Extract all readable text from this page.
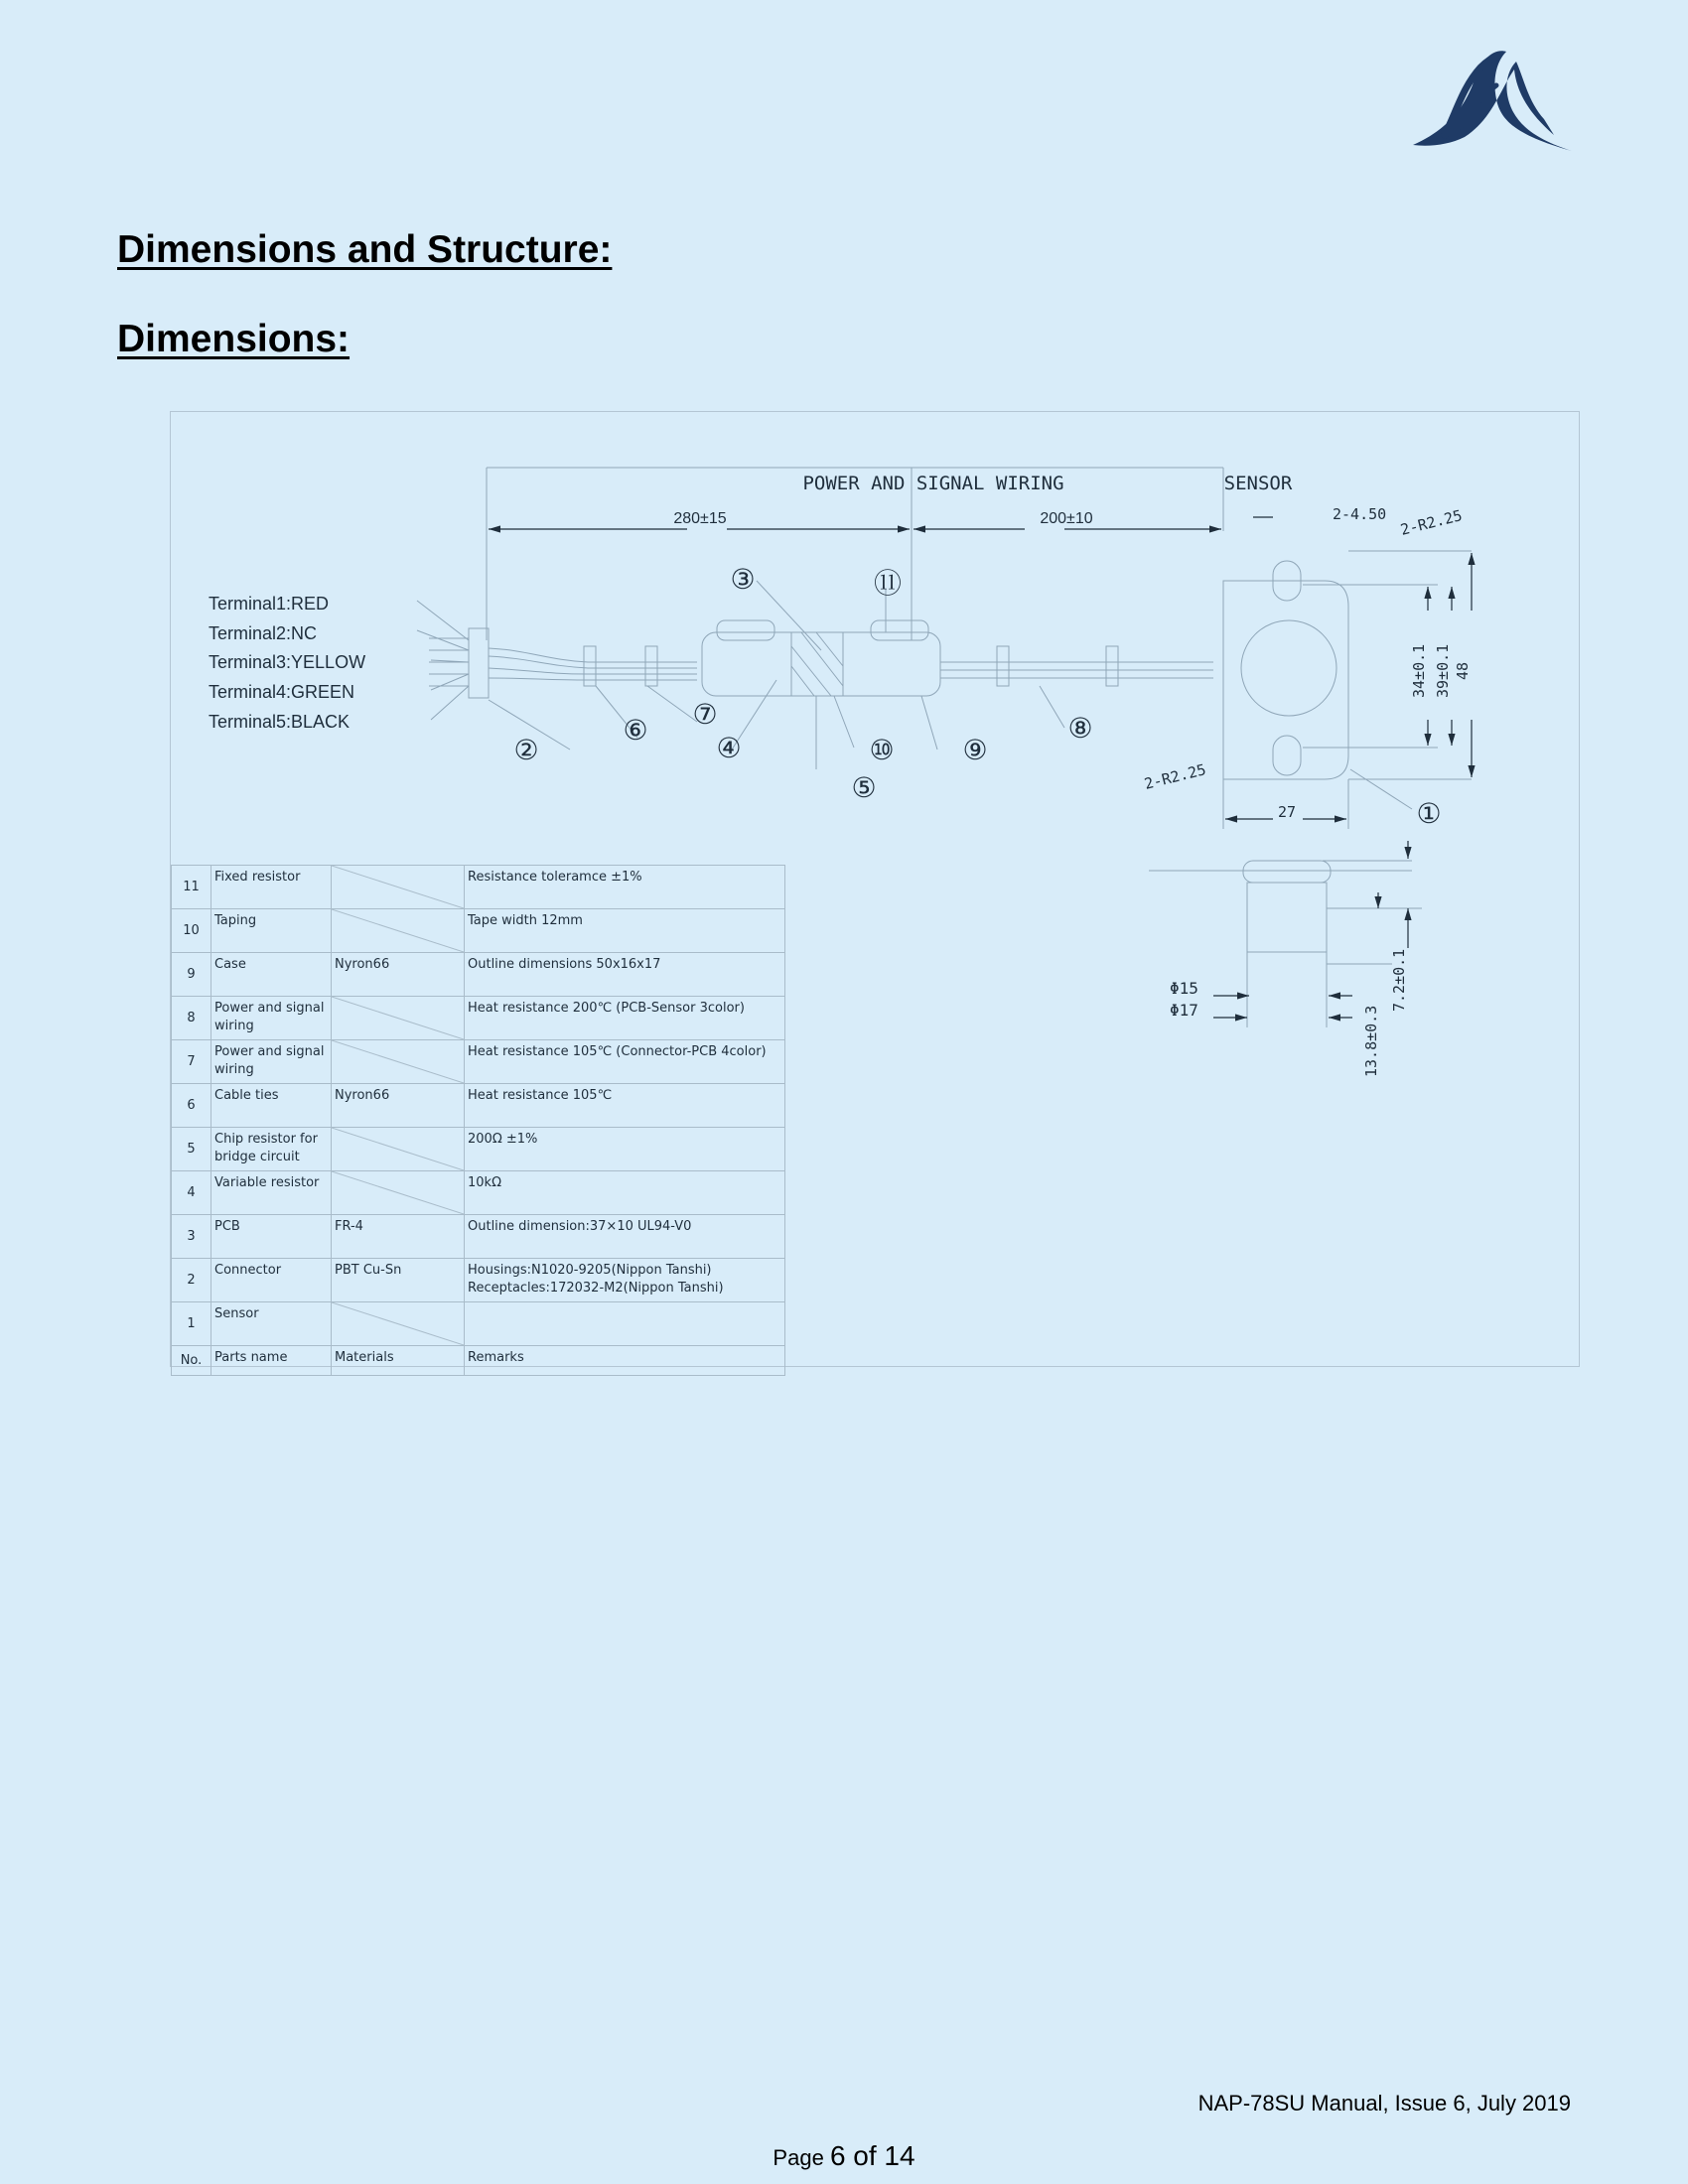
Dimensions and Structure:
Dimensions:
POWER AND SIGNAL WIRING	SENSOR
280±15	200±10	2-4.50 2-R2.25
2-R2.25
34±0.1 39±0.1 48
27
Φ15
Φ17	13.8±0.3
7.2±0.1
Terminal1:RED
Terminal2:NC
Terminal3:YELLOW
Terminal4:GREEN
Terminal5:BLACK
①
②
③
④
⑤
⑥
⑦	⑧
⑨
⑩
⑪
11	Fixed resistor		Resistance toleramce ±1%
10	Taping		Tape width 12mm
9	Case	Nyron66	Outline dimensions 50x16x17
8	Power and signal wiring		Heat resistance 200℃ (PCB-Sensor 3color)
7	Power and signal wiring		Heat resistance 105℃ (Connector-PCB 4color)
6	Cable ties	Nyron66	Heat resistance 105℃
5	Chip resistor for bridge circuit		200Ω ±1%
4	Variable resistor		10kΩ
3	PCB	FR-4	Outline dimension:37×10 UL94-V0
2	Connector	PBT Cu-Sn	Housings:N1020-9205(Nippon Tanshi) Receptacles:172032-M2(Nippon Tanshi)
1	Sensor	

No.	Parts name	Materials	Remarks
NAP-78SU Manual, Issue 6, July 2019
Page 6 of 14
